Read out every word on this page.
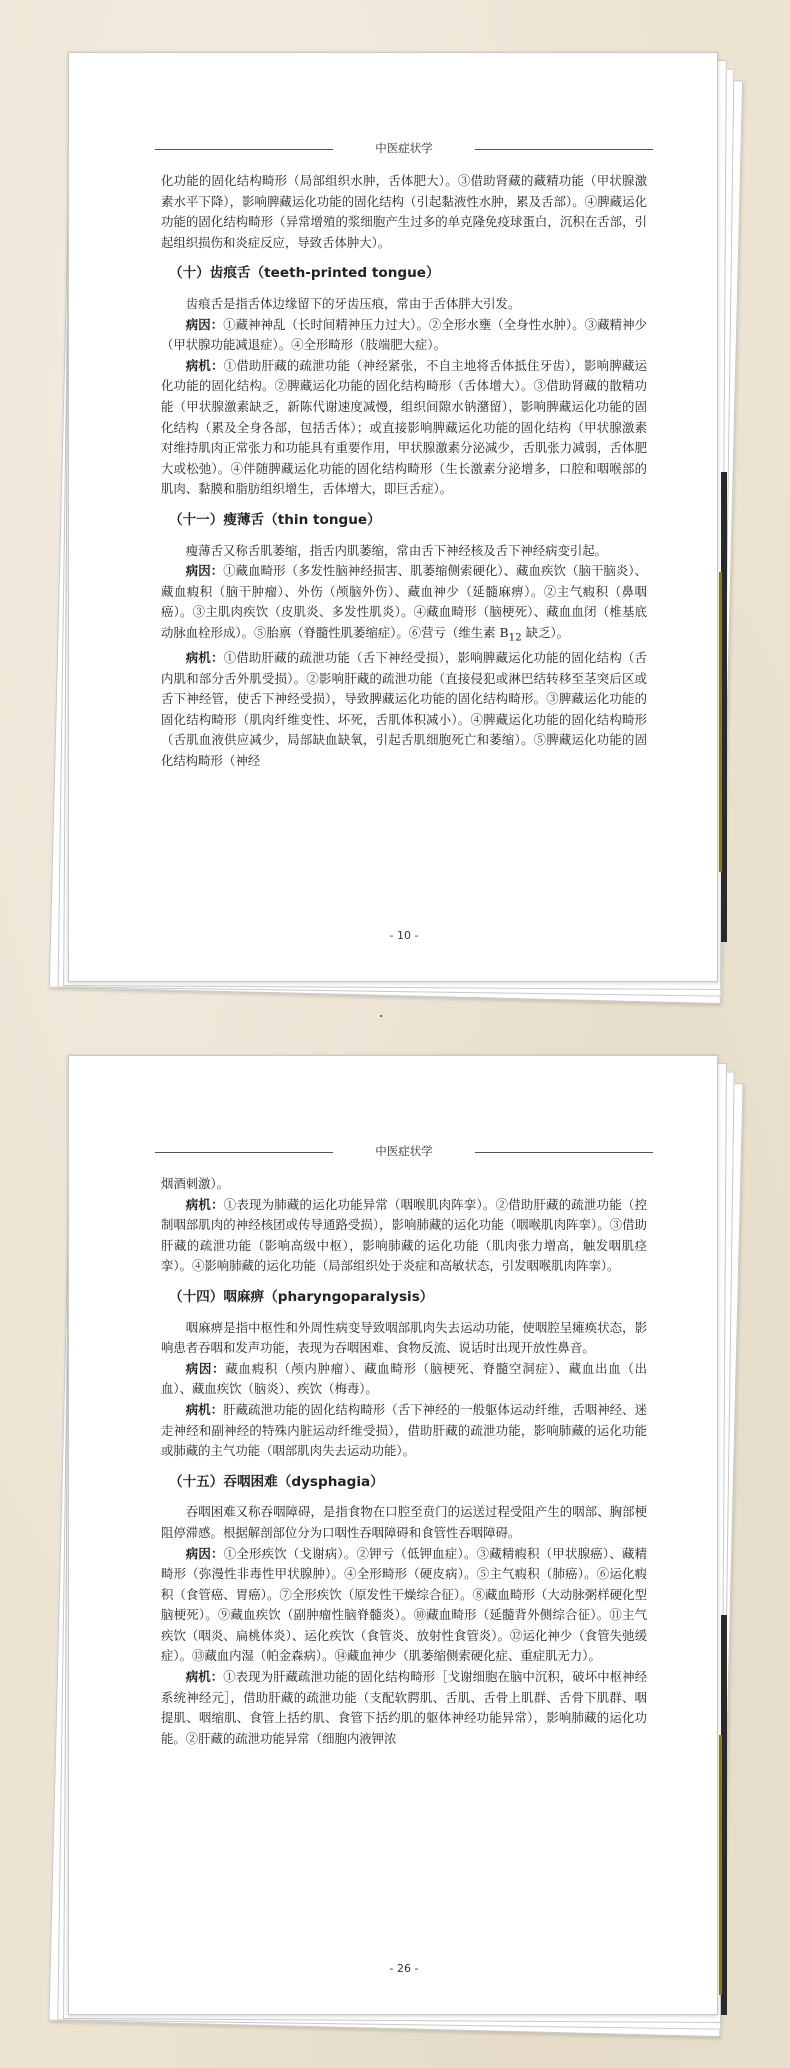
中医症状学

化功能的固化结构畸形（局部组织水肿，舌体肥大）。③借助肾藏的藏精功能（甲状腺激素水平下降），影响脾藏运化功能的固化结构（引起黏液性水肿，累及舌部）。④脾藏运化功能的固化结构畸形（异常增殖的浆细胞产生过多的单克隆免疫球蛋白，沉积在舌部，引起组织损伤和炎症反应，导致舌体肿大）。

（十）齿痕舌（teeth-printed tongue）

齿痕舌是指舌体边缘留下的牙齿压痕，常由于舌体胖大引发。

病因：①藏神神乱（长时间精神压力过大）。②全形水壅（全身性水肿）。③藏精神少（甲状腺功能减退症）。④全形畸形（肢端肥大症）。

病机：①借助肝藏的疏泄功能（神经紧张，不自主地将舌体抵住牙齿），影响脾藏运化功能的固化结构。②脾藏运化功能的固化结构畸形（舌体增大）。③借助肾藏的散精功能（甲状腺激素缺乏，新陈代谢速度减慢，组织间隙水钠潴留），影响脾藏运化功能的固化结构（累及全身各部，包括舌体）；或直接影响脾藏运化功能的固化结构（甲状腺激素对维持肌肉正常张力和功能具有重要作用，甲状腺激素分泌减少，舌肌张力减弱，舌体肥大或松弛）。④伴随脾藏运化功能的固化结构畸形（生长激素分泌增多，口腔和咽喉部的肌肉、黏膜和脂肪组织增生，舌体增大，即巨舌症）。

（十一）瘦薄舌（thin tongue）

瘦薄舌又称舌肌萎缩，指舌内肌萎缩，常由舌下神经核及舌下神经病变引起。

病因：①藏血畸形（多发性脑神经损害、肌萎缩侧索硬化）、藏血疾饮（脑干脑炎）、藏血瘕积（脑干肿瘤）、外伤（颅脑外伤）、藏血神少（延髓麻痹）。②主气瘕积（鼻咽癌）。③主肌肉疾饮（皮肌炎、多发性肌炎）。④藏血畸形（脑梗死）、藏血血闭（椎基底动脉血栓形成）。⑤胎禀（脊髓性肌萎缩症）。⑥营亏（维生素 $B_{12}$ 缺乏）。

病机：①借助肝藏的疏泄功能（舌下神经受损），影响脾藏运化功能的固化结构（舌内肌和部分舌外肌受损）。②影响肝藏的疏泄功能（直接侵犯或淋巴结转移至茎突后区或舌下神经管，使舌下神经受损），导致脾藏运化功能的固化结构畸形。③脾藏运化功能的固化结构畸形（肌肉纤维变性、坏死，舌肌体积减小）。④脾藏运化功能的固化结构畸形（舌肌血液供应减少，局部缺血缺氧，引起舌肌细胞死亡和萎缩）。⑤脾藏运化功能的固化结构畸形（神经

- 10 -
中医症状学

烟酒刺激）。

病机：①表现为肺藏的运化功能异常（咽喉肌肉阵挛）。②借助肝藏的疏泄功能（控制咽部肌肉的神经核团或传导通路受损），影响肺藏的运化功能（咽喉肌肉阵挛）。③借助肝藏的疏泄功能（影响高级中枢），影响肺藏的运化功能（肌肉张力增高，触发咽肌痉挛）。④影响肺藏的运化功能（局部组织处于炎症和高敏状态，引发咽喉肌肉阵挛）。

（十四）咽麻痹（pharyngoparalysis）

咽麻痹是指中枢性和外周性病变导致咽部肌肉失去运动功能，使咽腔呈瘫痪状态，影响患者吞咽和发声功能，表现为吞咽困难、食物反流、说话时出现开放性鼻音。

病因：藏血瘕积（颅内肿瘤）、藏血畸形（脑梗死、脊髓空洞症）、藏血出血（出血）、藏血疾饮（脑炎）、疾饮（梅毒）。

病机：肝藏疏泄功能的固化结构畸形（舌下神经的一般躯体运动纤维，舌咽神经、迷走神经和副神经的特殊内脏运动纤维受损），借助肝藏的疏泄功能，影响肺藏的运化功能或肺藏的主气功能（咽部肌肉失去运动功能）。

（十五）吞咽困难（dysphagia）

吞咽困难又称吞咽障碍，是指食物在口腔至贲门的运送过程受阻产生的咽部、胸部梗阻停滞感。根据解剖部位分为口咽性吞咽障碍和食管性吞咽障碍。

病因：①全形疾饮（戈谢病）。②钾亏（低钾血症）。③藏精瘕积（甲状腺癌）、藏精畸形（弥漫性非毒性甲状腺肿）。④全形畸形（硬皮病）。⑤主气瘕积（肺癌）。⑥运化瘕积（食管癌、胃癌）。⑦全形疾饮（原发性干燥综合征）。⑧藏血畸形（大动脉粥样硬化型脑梗死）。⑨藏血疾饮（副肿瘤性脑脊髓炎）。⑩藏血畸形（延髓背外侧综合征）。⑪主气疾饮（咽炎、扁桃体炎）、运化疾饮（食管炎、放射性食管炎）。⑫运化神少（食管失弛缓症）。⑬藏血内湿（帕金森病）。⑭藏血神少（肌萎缩侧索硬化症、重症肌无力）。

病机：①表现为肝藏疏泄功能的固化结构畸形［戈谢细胞在脑中沉积，破坏中枢神经系统神经元］，借助肝藏的疏泄功能（支配软腭肌、舌肌、舌骨上肌群、舌骨下肌群、咽提肌、咽缩肌、食管上括约肌、食管下括约肌的躯体神经功能异常），影响肺藏的运化功能。②肝藏的疏泄功能异常（细胞内液钾浓

- 26 -
